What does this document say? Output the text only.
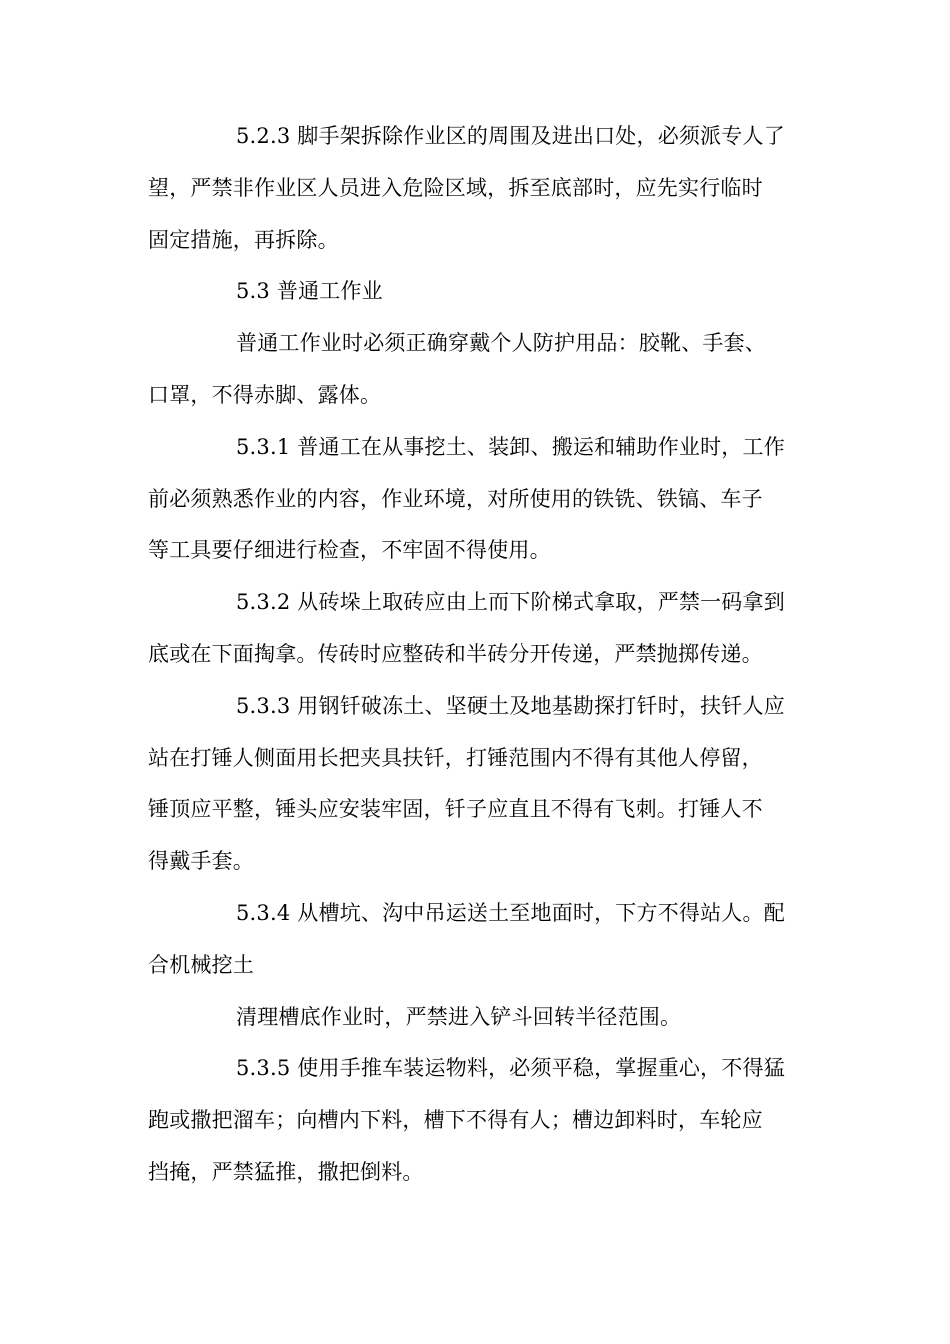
5.2.3 脚手架拆除作业区的周围及进出口处，必须派专人了
望，严禁非作业区人员进入危险区域，拆至底部时，应先实行临时
固定措施，再拆除。
5.3 普通工作业
普通工作业时必须正确穿戴个人防护用品：胶靴、手套、
口罩，不得赤脚、露体。
5.3.1 普通工在从事挖土、装卸、搬运和辅助作业时，工作
前必须熟悉作业的内容，作业环境，对所使用的铁铣、铁镐、车子
等工具要仔细进行检查，不牢固不得使用。
5.3.2 从砖垛上取砖应由上而下阶梯式拿取，严禁一码拿到
底或在下面掏拿。传砖时应整砖和半砖分开传递，严禁抛掷传递。
5.3.3 用钢钎破冻土、坚硬土及地基勘探打钎时，扶钎人应
站在打锤人侧面用长把夹具扶钎，打锤范围内不得有其他人停留，
锤顶应平整，锤头应安装牢固，钎子应直且不得有飞刺。打锤人不
得戴手套。
5.3.4 从槽坑、沟中吊运送土至地面时，下方不得站人。配
合机械挖土
清理槽底作业时，严禁进入铲斗回转半径范围。
5.3.5 使用手推车装运物料，必须平稳，掌握重心，不得猛
跑或撒把溜车；向槽内下料，槽下不得有人；槽边卸料时，车轮应
挡掩，严禁猛推，撒把倒料。
